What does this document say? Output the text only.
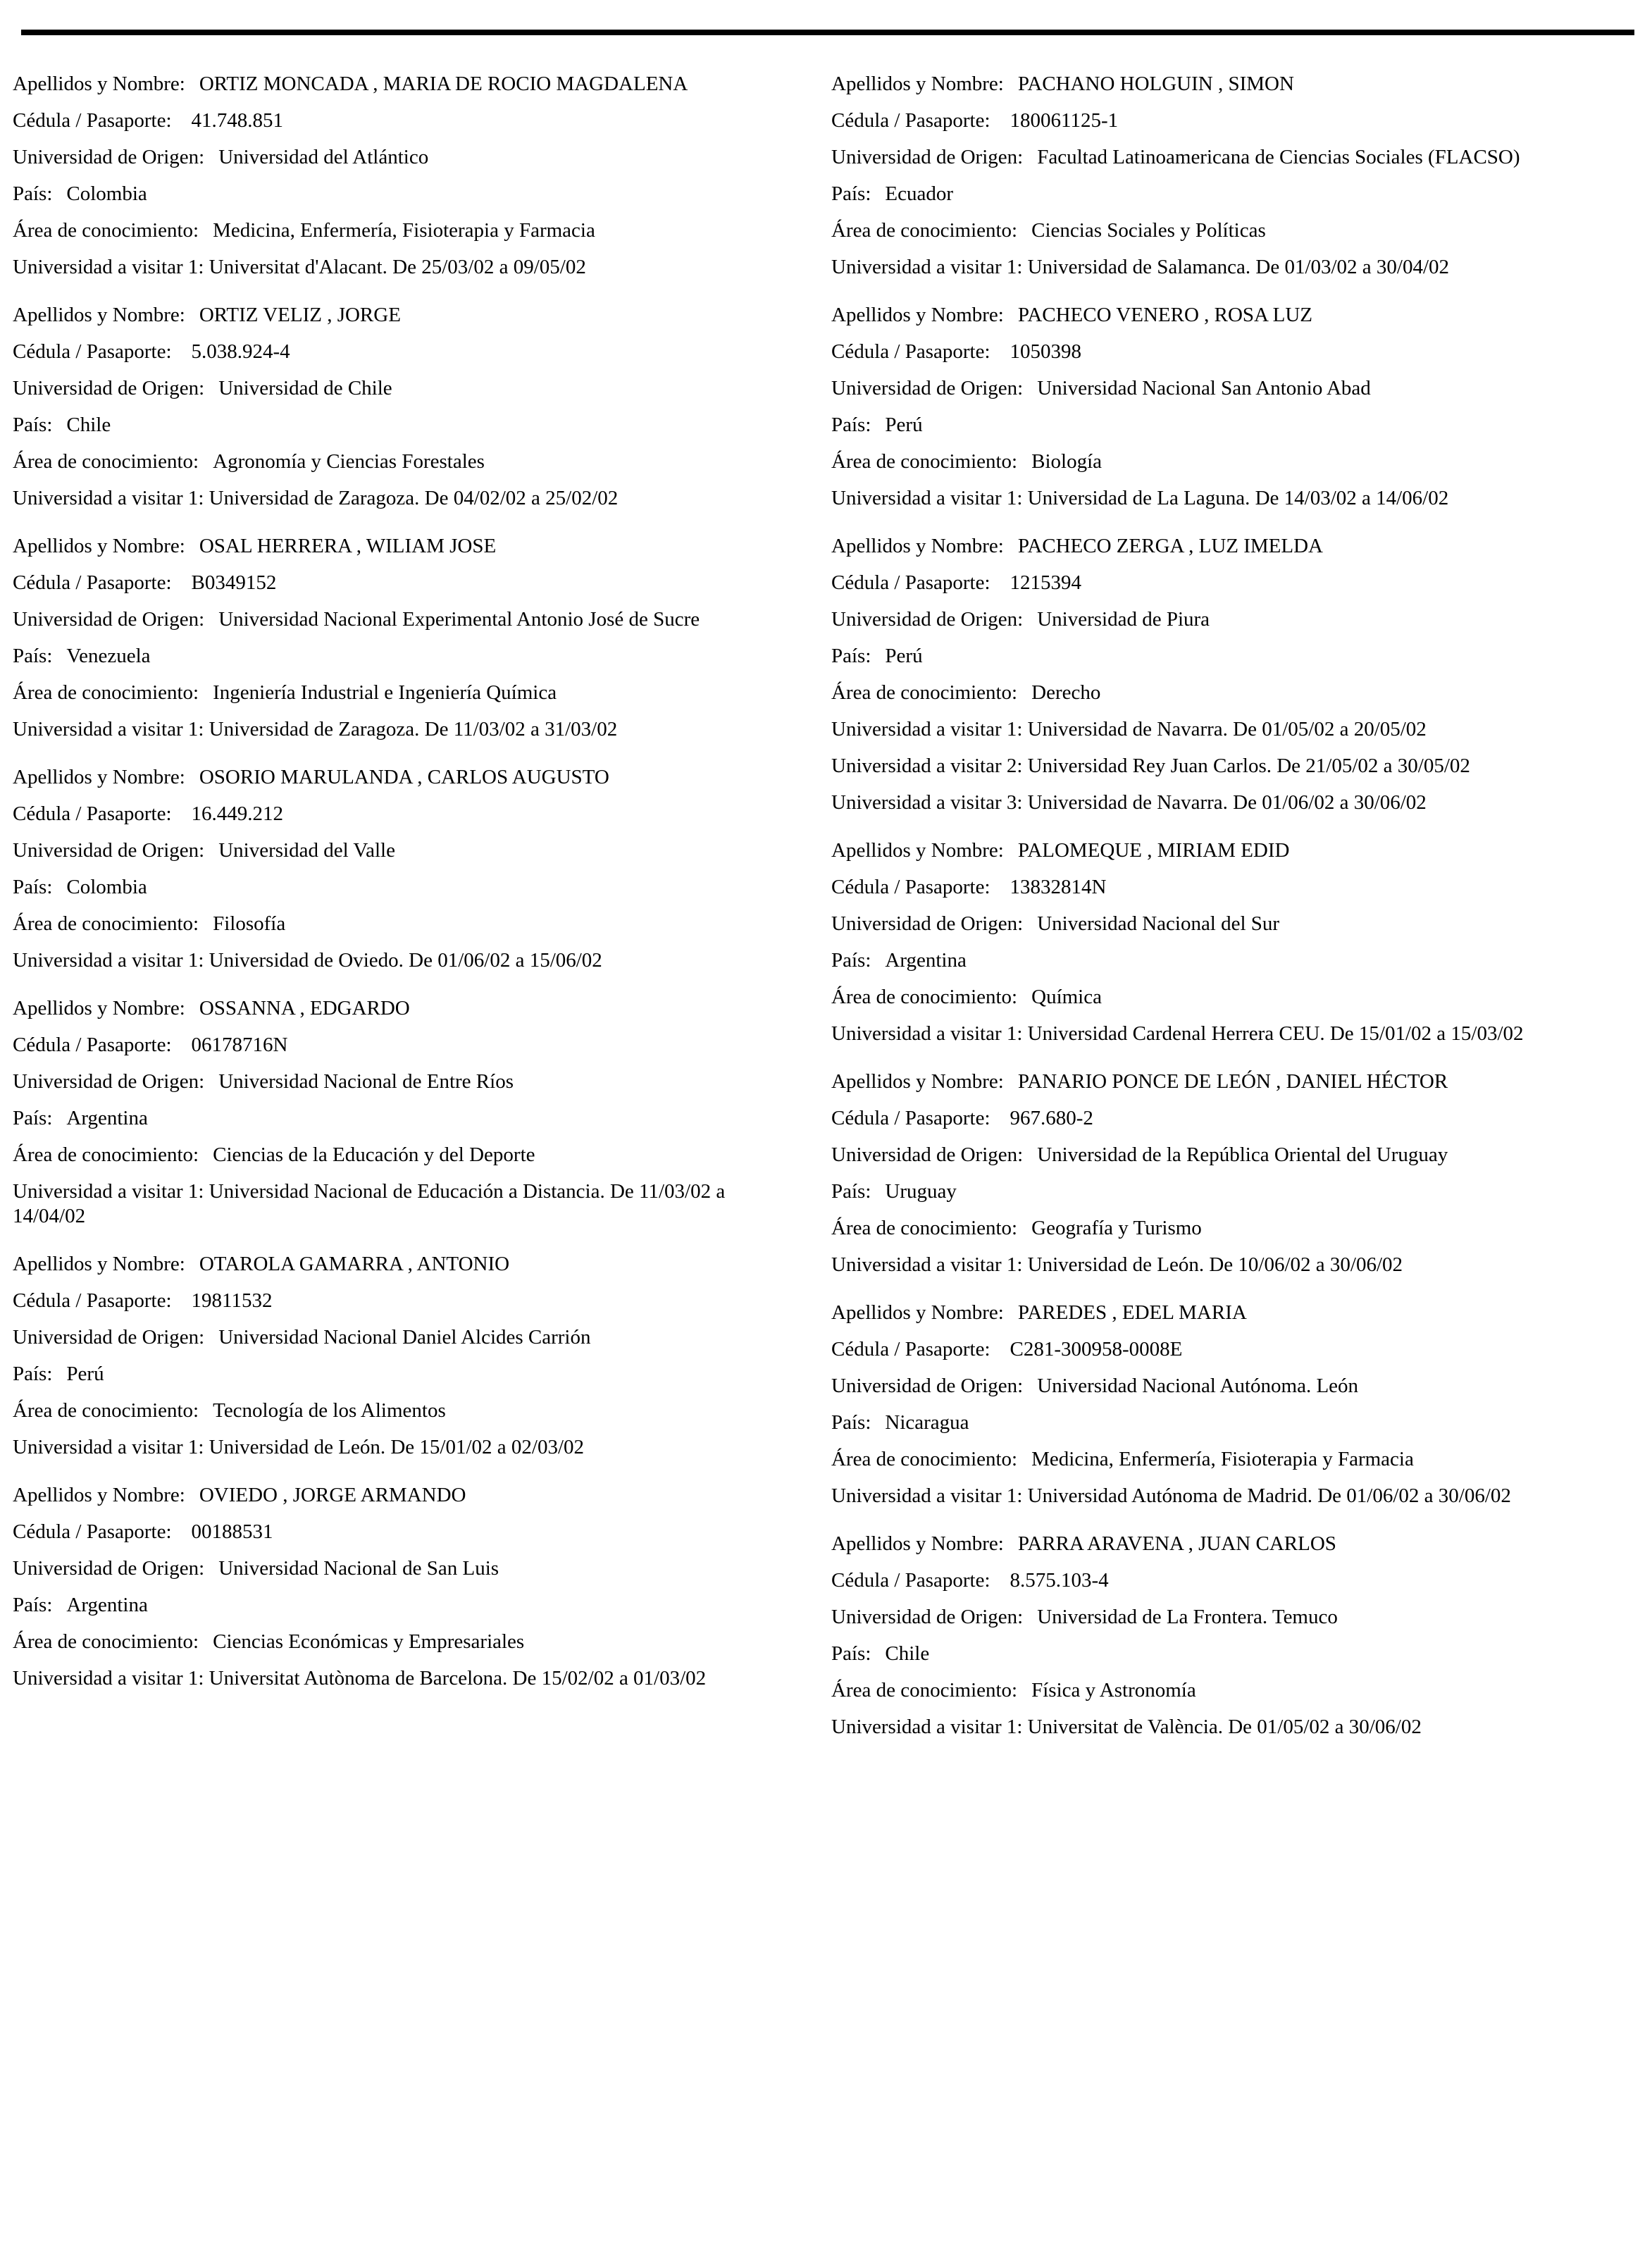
Apellidos y Nombre: ORTIZ MONCADA , MARIA DE ROCIO MAGDALENA

Cédula / Pasaporte: 41.748.851

Universidad de Origen: Universidad del Atlántico

País: Colombia

Área de conocimiento: Medicina, Enfermería, Fisioterapia y Farmacia

Universidad a visitar 1: Universitat d'Alacant. De 25/03/02 a 09/05/02

Apellidos y Nombre: ORTIZ VELIZ , JORGE

Cédula / Pasaporte: 5.038.924-4

Universidad de Origen: Universidad de Chile

País: Chile

Área de conocimiento: Agronomía y Ciencias Forestales

Universidad a visitar 1: Universidad de Zaragoza. De 04/02/02 a 25/02/02

Apellidos y Nombre: OSAL HERRERA , WILIAM JOSE

Cédula / Pasaporte: B0349152

Universidad de Origen: Universidad Nacional Experimental Antonio José de Sucre

País: Venezuela

Área de conocimiento: Ingeniería Industrial e Ingeniería Química

Universidad a visitar 1: Universidad de Zaragoza. De 11/03/02 a 31/03/02

Apellidos y Nombre: OSORIO MARULANDA , CARLOS AUGUSTO

Cédula / Pasaporte: 16.449.212

Universidad de Origen: Universidad del Valle

País: Colombia

Área de conocimiento: Filosofía

Universidad a visitar 1: Universidad de Oviedo. De 01/06/02 a 15/06/02

Apellidos y Nombre: OSSANNA , EDGARDO

Cédula / Pasaporte: 06178716N

Universidad de Origen: Universidad Nacional de Entre Ríos

País: Argentina

Área de conocimiento: Ciencias de la Educación y del Deporte

Universidad a visitar 1: Universidad Nacional de Educación a Distancia. De 11/03/02 a 14/04/02

Apellidos y Nombre: OTAROLA GAMARRA , ANTONIO

Cédula / Pasaporte: 19811532

Universidad de Origen: Universidad Nacional Daniel Alcides Carrión

País: Perú

Área de conocimiento: Tecnología de los Alimentos

Universidad a visitar 1: Universidad de León. De 15/01/02 a 02/03/02

Apellidos y Nombre: OVIEDO , JORGE ARMANDO

Cédula / Pasaporte: 00188531

Universidad de Origen: Universidad Nacional de San Luis

País: Argentina

Área de conocimiento: Ciencias Económicas y Empresariales

Universidad a visitar 1: Universitat Autònoma de Barcelona. De 15/02/02 a 01/03/02

Apellidos y Nombre: PACHANO HOLGUIN , SIMON

Cédula / Pasaporte: 180061125-1

Universidad de Origen: Facultad Latinoamericana de Ciencias Sociales (FLACSO)

País: Ecuador

Área de conocimiento: Ciencias Sociales y Políticas

Universidad a visitar 1: Universidad de Salamanca. De 01/03/02 a 30/04/02

Apellidos y Nombre: PACHECO VENERO , ROSA LUZ

Cédula / Pasaporte: 1050398

Universidad de Origen: Universidad Nacional San Antonio Abad

País: Perú

Área de conocimiento: Biología

Universidad a visitar 1: Universidad de La Laguna. De 14/03/02 a 14/06/02

Apellidos y Nombre: PACHECO ZERGA , LUZ IMELDA

Cédula / Pasaporte: 1215394

Universidad de Origen: Universidad de Piura

País: Perú

Área de conocimiento: Derecho

Universidad a visitar 1: Universidad de Navarra. De 01/05/02 a 20/05/02

Universidad a visitar 2: Universidad Rey Juan Carlos. De 21/05/02 a 30/05/02

Universidad a visitar 3: Universidad de Navarra. De 01/06/02 a 30/06/02

Apellidos y Nombre: PALOMEQUE , MIRIAM EDID

Cédula / Pasaporte: 13832814N

Universidad de Origen: Universidad Nacional del Sur

País: Argentina

Área de conocimiento: Química

Universidad a visitar 1: Universidad Cardenal Herrera CEU. De 15/01/02 a 15/03/02

Apellidos y Nombre: PANARIO PONCE DE LEÓN , DANIEL HÉCTOR

Cédula / Pasaporte: 967.680-2

Universidad de Origen: Universidad de la República Oriental del Uruguay

País: Uruguay

Área de conocimiento: Geografía y Turismo

Universidad a visitar 1: Universidad de León. De 10/06/02 a 30/06/02

Apellidos y Nombre: PAREDES , EDEL MARIA

Cédula / Pasaporte: C281-300958-0008E

Universidad de Origen: Universidad Nacional Autónoma. León

País: Nicaragua

Área de conocimiento: Medicina, Enfermería, Fisioterapia y Farmacia

Universidad a visitar 1: Universidad Autónoma de Madrid. De 01/06/02 a 30/06/02

Apellidos y Nombre: PARRA ARAVENA , JUAN CARLOS

Cédula / Pasaporte: 8.575.103-4

Universidad de Origen: Universidad de La Frontera. Temuco

País: Chile

Área de conocimiento: Física y Astronomía

Universidad a visitar 1: Universitat de València. De 01/05/02 a 30/06/02
